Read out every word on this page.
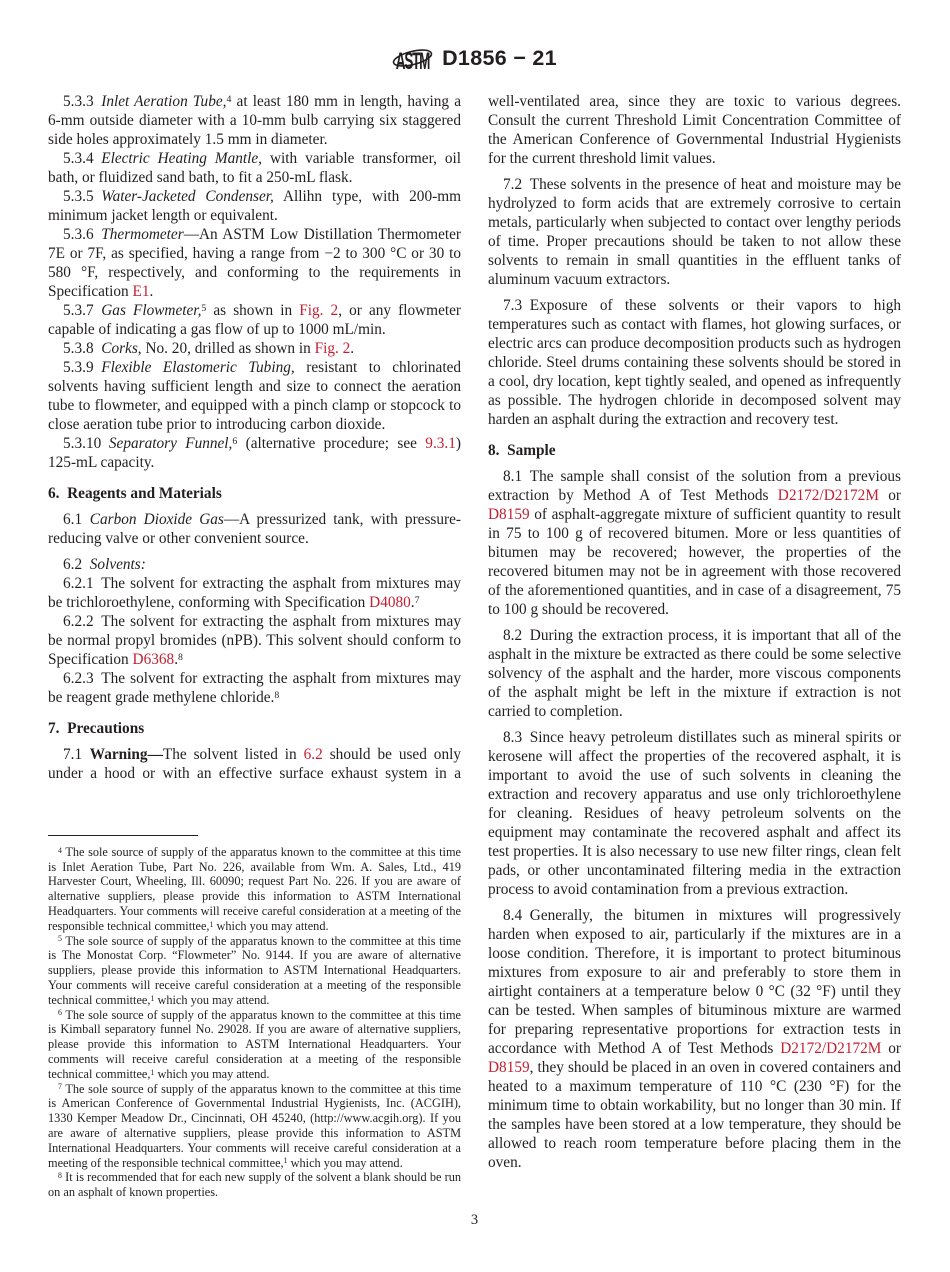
ASTM D1856 − 21
5.3.3 Inlet Aeration Tube,$^4$ at least 180 mm in length, having a 6-mm outside diameter with a 10-mm bulb carrying six staggered side holes approximately 1.5 mm in diameter.
5.3.4 Electric Heating Mantle, with variable transformer, oil bath, or fluidized sand bath, to fit a 250-mL flask.
5.3.5 Water-Jacketed Condenser, Allihn type, with 200-mm minimum jacket length or equivalent.
5.3.6 Thermometer—An ASTM Low Distillation Thermometer 7E or 7F, as specified, having a range from −2 to 300 °C or 30 to 580 °F, respectively, and conforming to the requirements in Specification E1.
5.3.7 Gas Flowmeter,$^5$ as shown in Fig. 2, or any flowmeter capable of indicating a gas flow of up to 1000 mL/min.
5.3.8 Corks, No. 20, drilled as shown in Fig. 2.
5.3.9 Flexible Elastomeric Tubing, resistant to chlorinated solvents having sufficient length and size to connect the aeration tube to flowmeter, and equipped with a pinch clamp or stopcock to close aeration tube prior to introducing carbon dioxide.
5.3.10 Separatory Funnel,$^6$ (alternative procedure; see 9.3.1) 125-mL capacity.
6. Reagents and Materials
6.1 Carbon Dioxide Gas—A pressurized tank, with pressure-reducing valve or other convenient source.
6.2 Solvents:
6.2.1 The solvent for extracting the asphalt from mixtures may be trichloroethylene, conforming with Specification D4080.$^7$
6.2.2 The solvent for extracting the asphalt from mixtures may be normal propyl bromides (nPB). This solvent should conform to Specification D6368.$^8$
6.2.3 The solvent for extracting the asphalt from mixtures may be reagent grade methylene chloride.$^8$
7. Precautions
7.1 Warning—The solvent listed in 6.2 should be used only under a hood or with an effective surface exhaust system in a
$^4$ The sole source of supply of the apparatus known to the committee at this time is Inlet Aeration Tube, Part No. 226, available from Wm. A. Sales, Ltd., 419 Harvester Court, Wheeling, Ill. 60090; request Part No. 226. If you are aware of alternative suppliers, please provide this information to ASTM International Headquarters. Your comments will receive careful consideration at a meeting of the responsible technical committee,$^1$ which you may attend.
$^5$ The sole source of supply of the apparatus known to the committee at this time is The Monostat Corp. “Flowmeter” No. 9144. If you are aware of alternative suppliers, please provide this information to ASTM International Headquarters. Your comments will receive careful consideration at a meeting of the responsible technical committee,$^1$ which you may attend.
$^6$ The sole source of supply of the apparatus known to the committee at this time is Kimball separatory funnel No. 29028. If you are aware of alternative suppliers, please provide this information to ASTM International Headquarters. Your comments will receive careful consideration at a meeting of the responsible technical committee,$^1$ which you may attend.
$^7$ The sole source of supply of the apparatus known to the committee at this time is American Conference of Governmental Industrial Hygienists, Inc. (ACGIH), 1330 Kemper Meadow Dr., Cincinnati, OH 45240, (http://www.acgih.org). If you are aware of alternative suppliers, please provide this information to ASTM International Headquarters. Your comments will receive careful consideration at a meeting of the responsible technical committee,$^1$ which you may attend.
$^8$ It is recommended that for each new supply of the solvent a blank should be run on an asphalt of known properties.
well-ventilated area, since they are toxic to various degrees. Consult the current Threshold Limit Concentration Committee of the American Conference of Governmental Industrial Hygienists for the current threshold limit values.
7.2 These solvents in the presence of heat and moisture may be hydrolyzed to form acids that are extremely corrosive to certain metals, particularly when subjected to contact over lengthy periods of time. Proper precautions should be taken to not allow these solvents to remain in small quantities in the effluent tanks of aluminum vacuum extractors.
7.3 Exposure of these solvents or their vapors to high temperatures such as contact with flames, hot glowing surfaces, or electric arcs can produce decomposition products such as hydrogen chloride. Steel drums containing these solvents should be stored in a cool, dry location, kept tightly sealed, and opened as infrequently as possible. The hydrogen chloride in decomposed solvent may harden an asphalt during the extraction and recovery test.
8. Sample
8.1 The sample shall consist of the solution from a previous extraction by Method A of Test Methods D2172/D2172M or D8159 of asphalt-aggregate mixture of sufficient quantity to result in 75 to 100 g of recovered bitumen. More or less quantities of bitumen may be recovered; however, the properties of the recovered bitumen may not be in agreement with those recovered of the aforementioned quantities, and in case of a disagreement, 75 to 100 g should be recovered.
8.2 During the extraction process, it is important that all of the asphalt in the mixture be extracted as there could be some selective solvency of the asphalt and the harder, more viscous components of the asphalt might be left in the mixture if extraction is not carried to completion.
8.3 Since heavy petroleum distillates such as mineral spirits or kerosene will affect the properties of the recovered asphalt, it is important to avoid the use of such solvents in cleaning the extraction and recovery apparatus and use only trichloroethylene for cleaning. Residues of heavy petroleum solvents on the equipment may contaminate the recovered asphalt and affect its test properties. It is also necessary to use new filter rings, clean felt pads, or other uncontaminated filtering media in the extraction process to avoid contamination from a previous extraction.
8.4 Generally, the bitumen in mixtures will progressively harden when exposed to air, particularly if the mixtures are in a loose condition. Therefore, it is important to protect bituminous mixtures from exposure to air and preferably to store them in airtight containers at a temperature below 0 °C (32 °F) until they can be tested. When samples of bituminous mixture are warmed for preparing representative proportions for extraction tests in accordance with Method A of Test Methods D2172/D2172M or D8159, they should be placed in an oven in covered containers and heated to a maximum temperature of 110 °C (230 °F) for the minimum time to obtain workability, but no longer than 30 min. If the samples have been stored at a low temperature, they should be allowed to reach room temperature before placing them in the oven.
3
